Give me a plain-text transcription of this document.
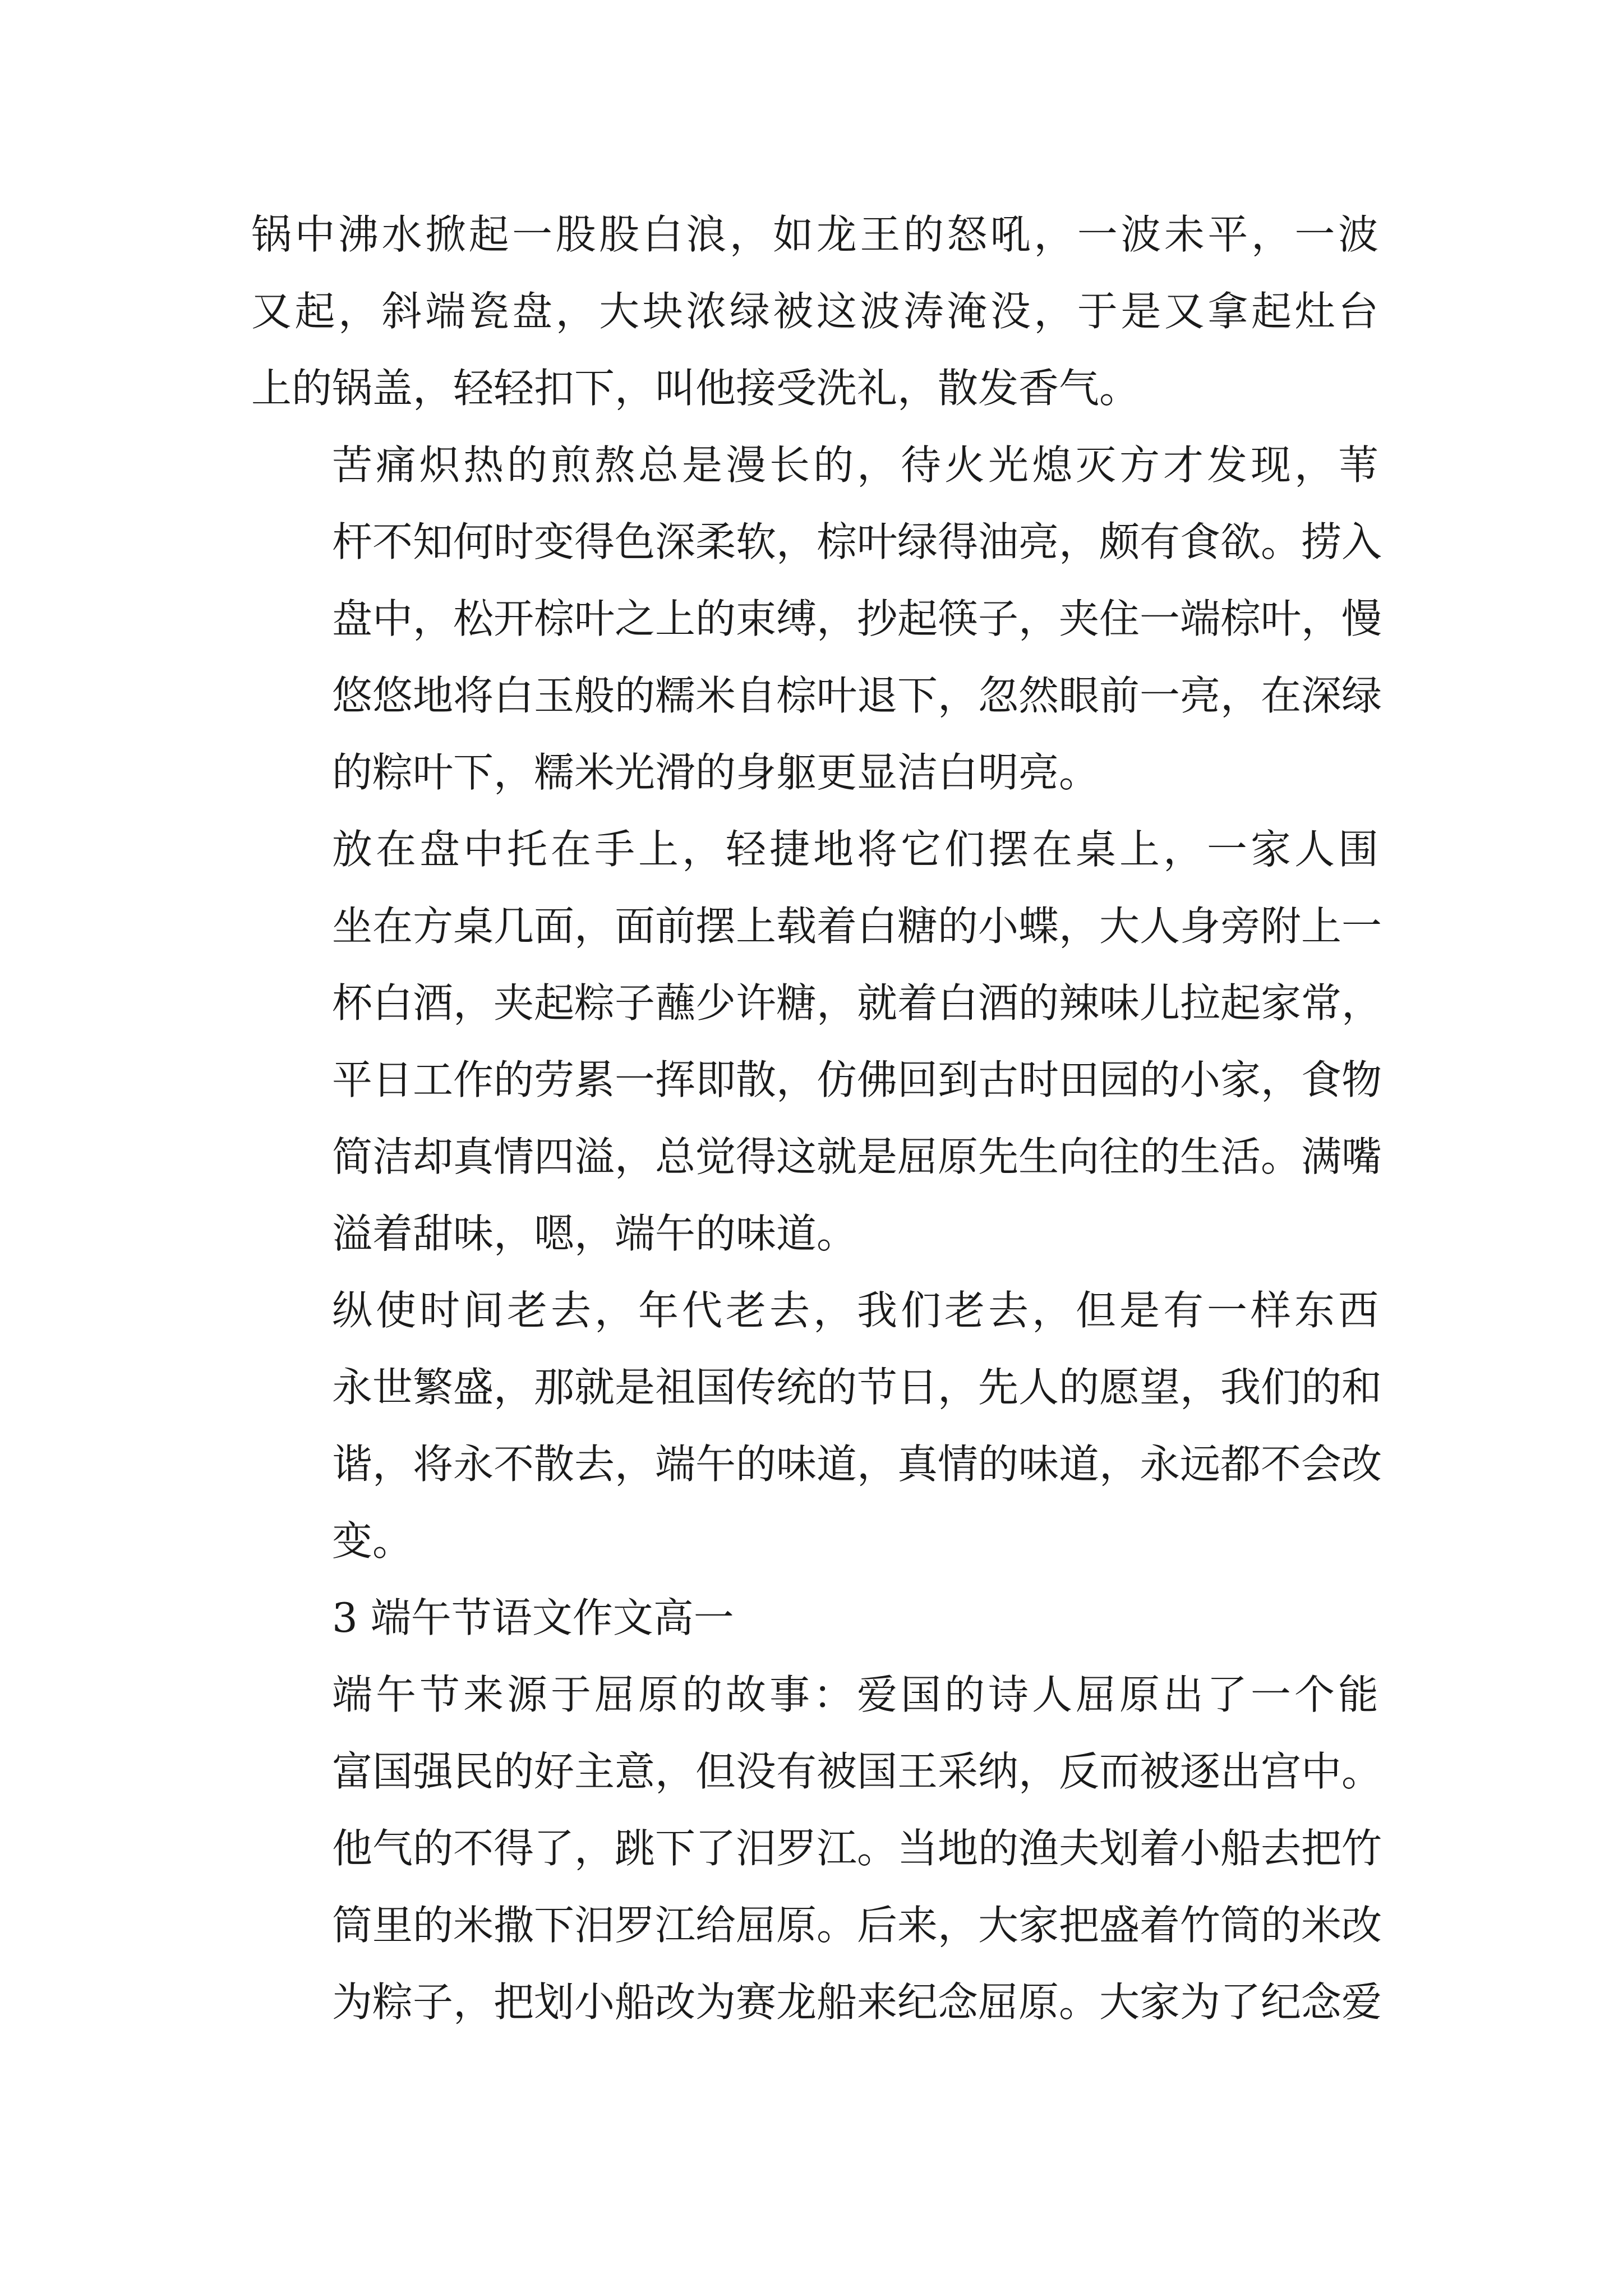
锅中沸水掀起一股股白浪，如龙王的怒吼，一波未平，一波
又起，斜端瓷盘，大块浓绿被这波涛淹没，于是又拿起灶台
上的锅盖，轻轻扣下，叫他接受洗礼，散发香气。

苦痛炽热的煎熬总是漫长的，待火光熄灭方才发现，苇
杆不知何时变得色深柔软，棕叶绿得油亮，颇有食欲。捞入
盘中，松开棕叶之上的束缚，抄起筷子，夹住一端棕叶，慢
悠悠地将白玉般的糯米自棕叶退下，忽然眼前一亮，在深绿
的粽叶下，糯米光滑的身躯更显洁白明亮。

放在盘中托在手上，轻捷地将它们摆在桌上，一家人围
坐在方桌几面，面前摆上载着白糖的小蝶，大人身旁附上一
杯白酒，夹起粽子蘸少许糖，就着白酒的辣味儿拉起家常，
平日工作的劳累一挥即散，仿佛回到古时田园的小家，食物
简洁却真情四溢，总觉得这就是屈原先生向往的生活。满嘴
溢着甜味，嗯，端午的味道。

纵使时间老去，年代老去，我们老去，但是有一样东西
永世繁盛，那就是祖国传统的节日，先人的愿望，我们的和
谐，将永不散去，端午的味道，真情的味道，永远都不会改
变。

3 端午节语文作文高一

端午节来源于屈原的故事：爱国的诗人屈原出了一个能
富国强民的好主意，但没有被国王采纳，反而被逐出宫中。
他气的不得了，跳下了汨罗江。当地的渔夫划着小船去把竹
筒里的米撒下汨罗江给屈原。后来，大家把盛着竹筒的米改
为粽子，把划小船改为赛龙船来纪念屈原。大家为了纪念爱
